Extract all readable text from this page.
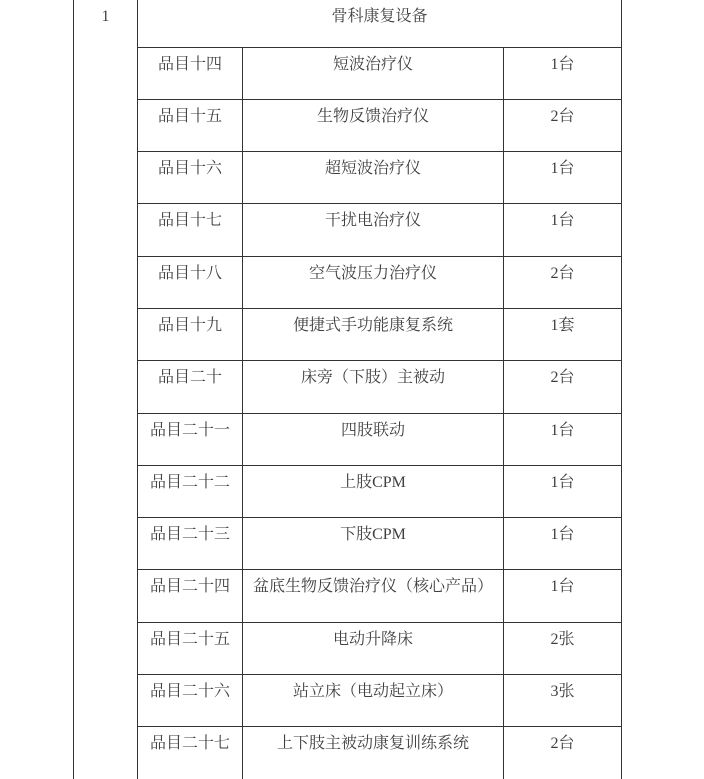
1	骨科康复设备		
	品目十四	短波治疗仪	1台
	品目十五	生物反馈治疗仪	2台
	品目十六	超短波治疗仪	1台
	品目十七	干扰电治疗仪	1台
	品目十八	空气波压力治疗仪	2台
	品目十九	便捷式手功能康复系统	1套
	品目二十	床旁（下肢）主被动	2台
	品目二十一	四肢联动	1台
	品目二十二	上肢CPM	1台
	品目二十三	下肢CPM	1台
	品目二十四	盆底生物反馈治疗仪（核心产品）	1台
	品目二十五	电动升降床	2张
	品目二十六	站立床（电动起立床）	3张
	品目二十七	上下肢主被动康复训练系统	2台
